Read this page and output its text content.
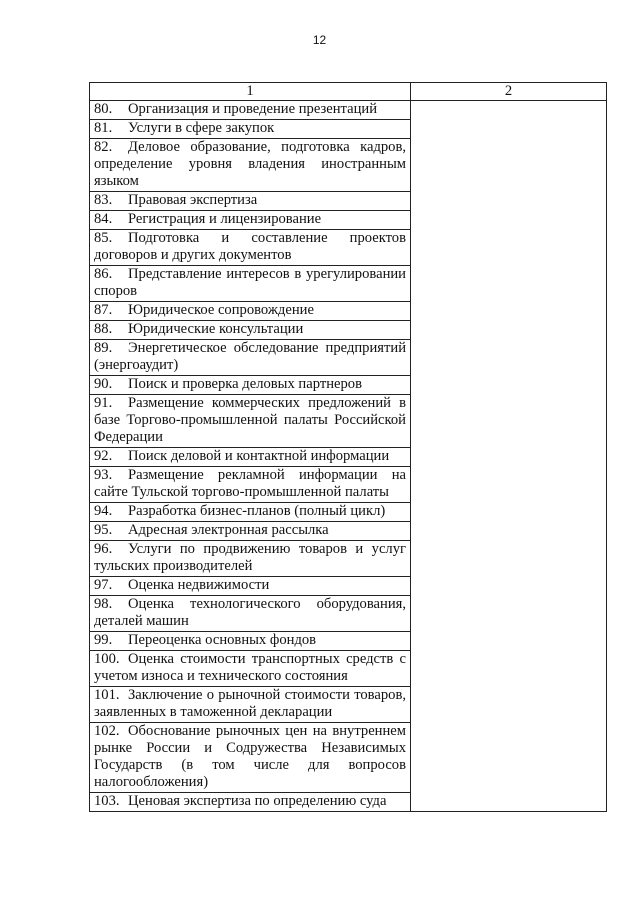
12
1	2
80. Организация и проведение презентаций	
81. Услуги в сфере закупок	
82. Деловое образование, подготовка кадров, определение уровня владения иностранным языком	
83. Правовая экспертиза	
84. Регистрация и лицензирование	
85. Подготовка и составление проектов договоров и других документов	
86. Представление интересов в урегулировании споров	
87. Юридическое сопровождение	
88. Юридические консультации	
89. Энергетическое обследование предприятий (энергоаудит)	
90. Поиск и проверка деловых партнеров	
91. Размещение коммерческих предложений в базе Торгово-промышленной палаты Российской Федерации	
92. Поиск деловой и контактной информации	
93. Размещение рекламной информации на сайте Тульской торгово-промышленной палаты	
94. Разработка бизнес-планов (полный цикл)	
95. Адресная электронная рассылка	
96. Услуги по продвижению товаров и услуг тульских производителей	
97. Оценка недвижимости	
98. Оценка технологического оборудования, деталей машин	
99. Переоценка основных фондов	
100. Оценка стоимости транспортных средств с учетом износа и технического состояния	
101. Заключение о рыночной стоимости товаров, заявленных в таможенной декларации	
102. Обоснование рыночных цен на внутреннем рынке России и Содружества Независимых Государств (в том числе для вопросов налогообложения)	
103. Ценовая экспертиза по определению суда	
